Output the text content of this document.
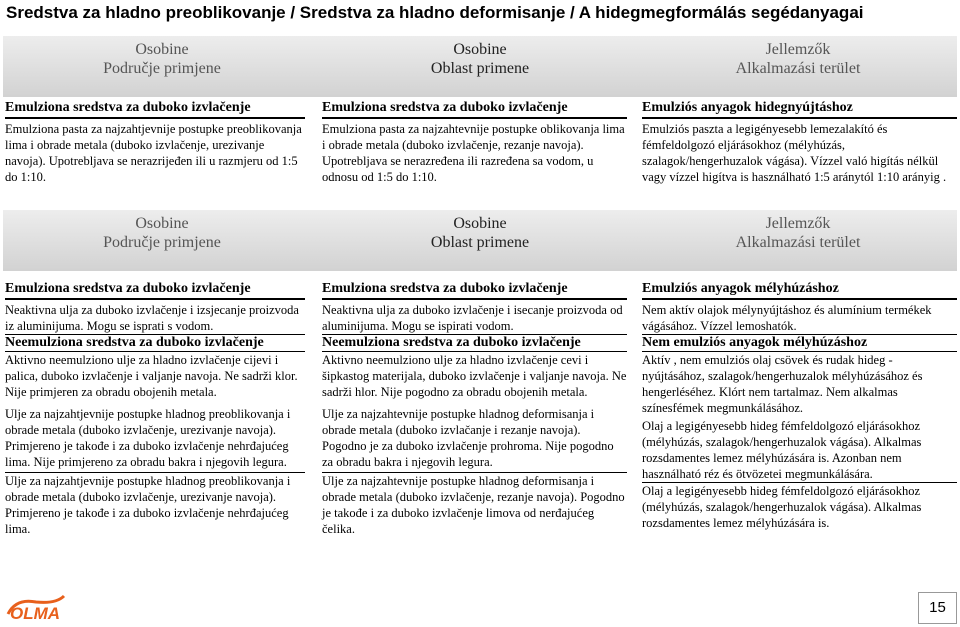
Sredstva za hladno preoblikovanje / Sredstva za hladno deformisanje / A hidegmegformálás segédanyagai
Osobine
Područje primjene
Osobine
Oblast primene
Jellemzők
Alkalmazási terület
Emulziona sredstva za duboko izvlačenje
Emulziona pasta za najzahtjevnije postupke preoblikovanja lima i obrade metala (duboko izvlačenje, urezivanje navoja). Upotrebljava se nerazrijeđen ili u razmjeru od 1:5 do 1:10.
Emulziona sredstva za duboko izvlačenje
Emulziona pasta za najzahtevnije postupke oblikovanja lima i obrade metala (duboko izvlačenje, rezanje navoja). Upotrebljava se nerazređena ili razređena sa vodom, u odnosu od 1:5 do 1:10.
Emulziós anyagok hidegnyújtáshoz
Emulziós paszta a legigényesebb lemezalakító és fémfeldolgozó eljárásokhoz (mélyhúzás, szalagok/hengerhuzalok vágása). Vízzel való higítás nélkül vagy vízzel higítva is használható 1:5 aránytól 1:10 arányig .
Osobine
Područje primjene
Osobine
Oblast primene
Jellemzők
Alkalmazási terület
Emulziona sredstva za duboko izvlačenje
Neaktivna ulja za duboko izvlačenje i izsjecanje proizvoda iz aluminijuma. Mogu se isprati s vodom.
Neemulziona sredstva za duboko izvlačenje
Aktivno neemulziono ulje za hladno izvlačenje cijevi i palica, duboko izvlačenje i valjanje navoja. Ne sadrži klor. Nije primjeren za obradu obojenih metala.
Ulje za najzahtjevnije postupke hladnog preoblikovanja i obrade metala (duboko izvlačenje, urezivanje navoja). Primjereno je takođe i za duboko izvlačenje nehrđajućeg lima. Nije primjereno za obradu bakra i njegovih legura.
Ulje za najzahtjevnije postupke hladnog preoblikovanja i obrade metala (duboko izvlačenje, urezivanje navoja). Primjereno je takođe i za duboko izvlačenje nehrđajućeg lima.
Emulziona sredstva za duboko izvlačenje
Neaktivna ulja za duboko izvlačenje i isecanje proizvoda od aluminijuma. Mogu se ispirati vodom.
Neemulziona sredstva za duboko izvlačenje
Aktivno neemulziono ulje za hladno izvlačenje cevi i šipkastog materijala, duboko izvlačenje i valjanje navoja. Ne sadrži hlor. Nije pogodno za obradu obojenih metala.
Ulje za najzahtevnije postupke hladnog deformisanja i obrade metala (duboko izvlačanje i rezanje navoja). Pogodno je za duboko izvlačenje prohroma. Nije pogodno za obradu bakra i njegovih legura.
Ulje za najzahtevnije postupke hladnog deformisanja i obrade metala (duboko izvlačenje, rezanje navoja). Pogodno je takođe i za duboko izvlačenje limova od nerđajućeg čelika.
Emulziós anyagok mélyhúzáshoz
Nem aktív olajok mélynyújtáshoz és alumínium termékek vágásához. Vízzel lemoshatók.
Nem emulziós anyagok mélyhúzáshoz
Aktív , nem emulziós olaj csövek és rudak hideg - nyújtásához, szalagok/hengerhuzalok mélyhúzásához és hengerléséhez. Klórt nem tartalmaz. Nem alkalmas színesfémek megmunkálásához.
Olaj a legigényesebb hideg fémfeldolgozó eljárásokhoz (mélyhúzás, szalagok/hengerhuzalok vágása). Alkalmas rozsdamentes lemez mélyhúzására is. Azonban nem használható réz és ötvözetei megmunkálására.
Olaj a legigényesebb hideg fémfeldolgozó eljárásokhoz (mélyhúzás, szalagok/hengerhuzalok vágása). Alkalmas rozsdamentes lemez mélyhúzására is.
OLMA	15
